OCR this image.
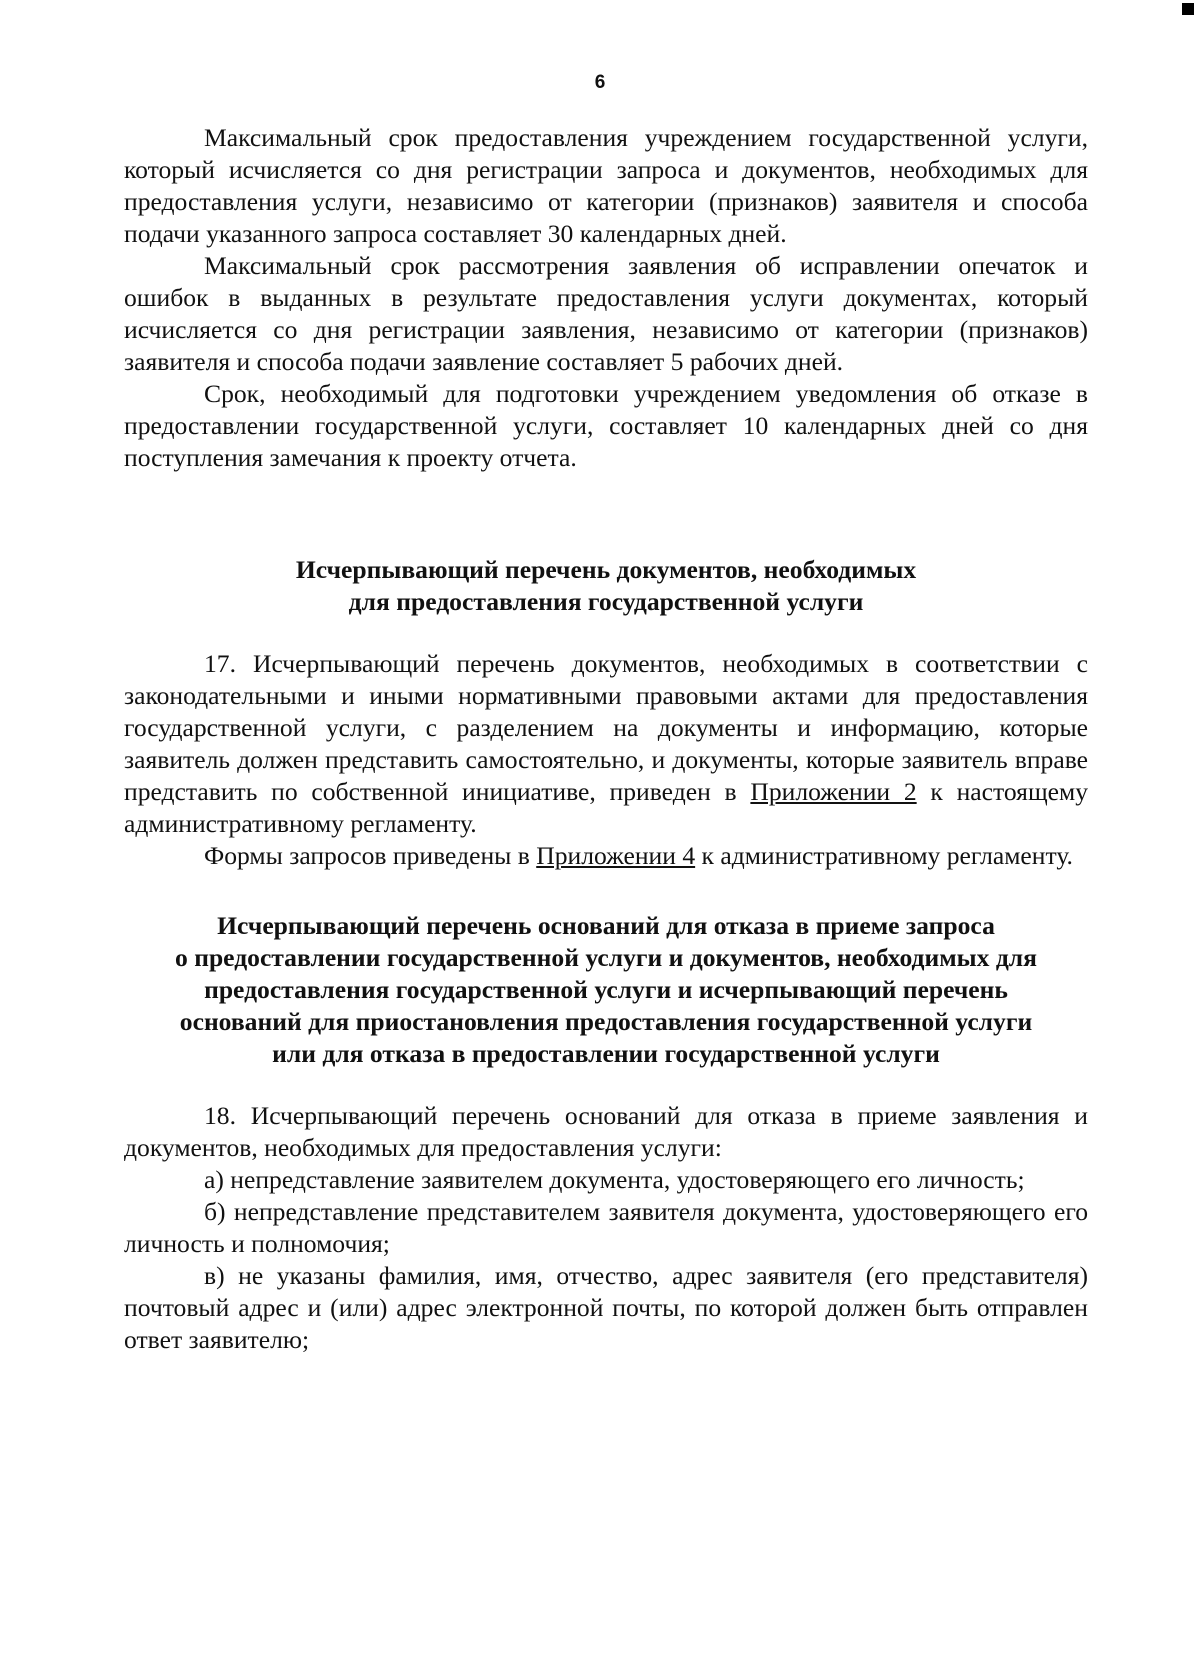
6

Максимальный срок предоставления учреждением государственной услуги, который исчисляется со дня регистрации запроса и документов, необходимых для предоставления услуги, независимо от категории (признаков) заявителя и способа подачи указанного запроса составляет 30 календарных дней.

Максимальный срок рассмотрения заявления об исправлении опечаток и ошибок в выданных в результате предоставления услуги документах, который исчисляется со дня регистрации заявления, независимо от категории (признаков) заявителя и способа подачи заявление составляет 5 рабочих дней.

Срок, необходимый для подготовки учреждением уведомления об отказе в предоставлении государственной услуги, составляет 10 календарных дней со дня поступления замечания к проекту отчета.

Исчерпывающий перечень документов, необходимых
для предоставления государственной услуги

17. Исчерпывающий перечень документов, необходимых в соответствии с законодательными и иными нормативными правовыми актами для предоставления государственной услуги, с разделением на документы и информацию, которые заявитель должен представить самостоятельно, и документы, которые заявитель вправе представить по собственной инициативе, приведен в Приложении 2 к настоящему административному регламенту.

Формы запросов приведены в Приложении 4 к административному регламенту.

Исчерпывающий перечень оснований для отказа в приеме запроса
о предоставлении государственной услуги и документов, необходимых для
предоставления государственной услуги и исчерпывающий перечень
оснований для приостановления предоставления государственной услуги
или для отказа в предоставлении государственной услуги

18. Исчерпывающий перечень оснований для отказа в приеме заявления и документов, необходимых для предоставления услуги:

а) непредставление заявителем документа, удостоверяющего его личность;

б) непредставление представителем заявителя документа, удостоверяющего его личность и полномочия;

в) не указаны фамилия, имя, отчество, адрес заявителя (его представителя) почтовый адрес и (или) адрес электронной почты, по которой должен быть отправлен ответ заявителю;
